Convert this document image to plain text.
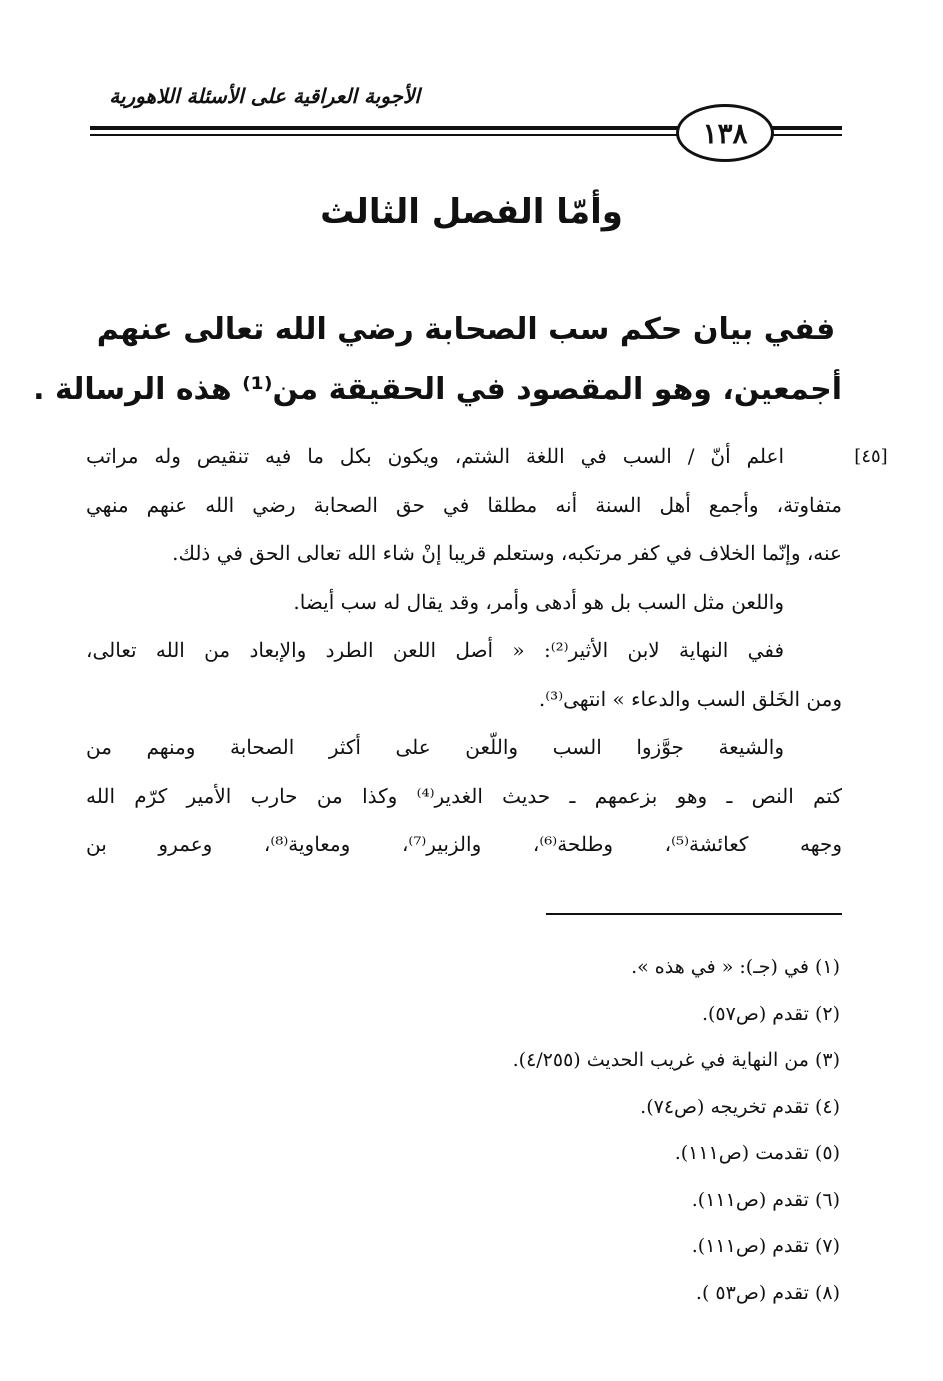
الأجوبة العراقية على الأسئلة اللاهورية
١٣٨
وأمّا الفصل الثالث
ففي بيان حكم سب الصحابة رضي الله تعالى عنهم
أجمعين، وهو المقصود في الحقيقة من⁽¹⁾ هذه الرسالة .
[٤٥]
اعلم أنّ / السب في اللغة الشتم، ويكون بكل ما فيه تنقيص وله مراتب
متفاوتة، وأجمع أهل السنة أنه مطلقا في حق الصحابة رضي الله عنهم منهي
عنه، وإنّما الخلاف في كفر مرتكبه، وستعلم قريبا إنْ شاء الله تعالى الحق في ذلك.
واللعن مثل السب بل هو أدهى وأمر، وقد يقال له سب أيضا.
ففي النهاية لابن الأثير⁽²⁾: « أصل اللعن الطرد والإبعاد من الله تعالى،
ومن الخَلق السب والدعاء » انتهى⁽³⁾.
والشيعة جوَّزوا السب واللّعن على أكثر الصحابة ومنهم من
كتم النص ـ وهو بزعمهم ـ حديث الغدير⁽⁴⁾ وكذا من حارب الأمير كرّم الله
وجهه كعائشة⁽⁵⁾، وطلحة⁽⁶⁾، والزبير⁽⁷⁾، ومعاوية⁽⁸⁾، وعمرو بن
(١) في (جـ): « في هذه ».
(٢) تقدم (ص٥٧).
(٣) من النهاية في غريب الحديث (٤/٢٥٥).
(٤) تقدم تخريجه (ص٧٤).
(٥) تقدمت (ص١١١).
(٦) تقدم (ص١١١).
(٧) تقدم (ص١١١).
(٨) تقدم (ص٥٣ ).
